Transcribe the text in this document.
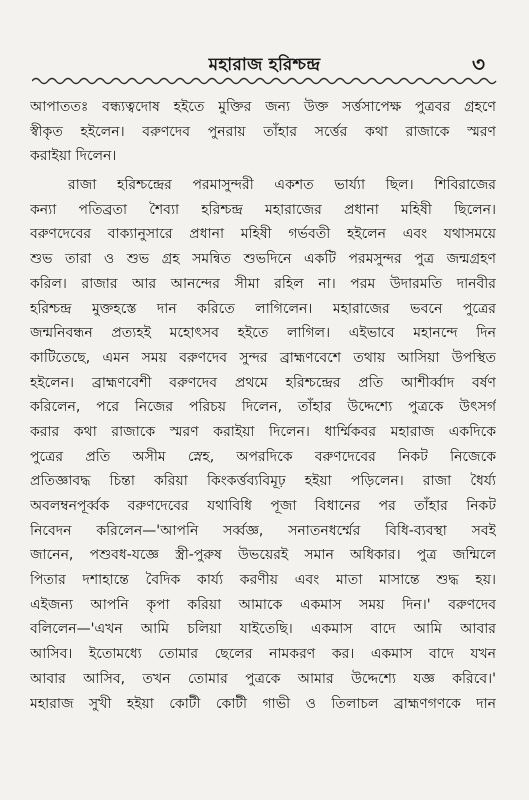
মহারাজ হরিশ্চন্দ্র	৩
আপাততঃ বন্ধ্যত্বদোষ হইতে মুক্তির জন্য উক্ত সর্ত্তসাপেক্ষ পুত্রবর গ্রহণে
স্বীকৃত হইলেন। বরুণদেব পুনরায় তাঁহার সর্ত্তের কথা রাজাকে স্মরণ
করাইয়া দিলেন।
রাজা হরিশ্চন্দ্রের পরমাসুন্দরী একশত ভার্য্যা ছিল। শিবিরাজের
কন্যা পতিব্রতা শৈব্যা হরিশ্চন্দ্র মহারাজের প্রধানা মহিষী ছিলেন।
বরুণদেবের বাক্যানুসারে প্রধানা মহিষী গর্ভবতী হইলেন এবং যথাসময়ে
শুভ তারা ও শুভ গ্রহ সমন্বিত শুভদিনে একটি পরমসুন্দর পুত্র জন্মগ্রহণ
করিল। রাজার আর আনন্দের সীমা রহিল না। পরম উদারমতি দানবীর
হরিশ্চন্দ্র মুক্তহস্তে দান করিতে লাগিলেন। মহারাজের ভবনে পুত্রের
জন্মনিবন্ধন প্রত্যহই মহোৎসব হইতে লাগিল। এইভাবে মহানন্দে দিন
কাটিতেছে, এমন সময় বরুণদেব সুন্দর ব্রাহ্মণবেশে তথায় আসিয়া উপস্থিত
হইলেন। ব্রাহ্মণবেশী বরুণদেব প্রথমে হরিশ্চন্দ্রের প্রতি আশীর্ব্বাদ বর্ষণ
করিলেন, পরে নিজের পরিচয় দিলেন, তাঁহার উদ্দেশ্যে পুত্রকে উৎসর্গ
করার কথা রাজাকে স্মরণ করাইয়া দিলেন। ধার্ম্মিকবর মহারাজ একদিকে
পুত্রের প্রতি অসীম স্নেহ, অপরদিকে বরুণদেবের নিকট নিজেকে
প্রতিজ্ঞাবদ্ধ চিন্তা করিয়া কিংকর্ত্তব্যবিমূঢ় হইয়া পড়িলেন। রাজা ধৈর্য্য
অবলম্বনপূর্ব্বক বরুণদেবের যথাবিধি পূজা বিধানের পর তাঁহার নিকট
নিবেদন করিলেন—'আপনি সর্ব্বজ্ঞ, সনাতনধর্ম্মের বিধি-ব্যবস্থা সবই
জানেন, পশুবধ-যজ্ঞে স্ত্রী-পুরুষ উভয়েরই সমান অধিকার। পুত্র জন্মিলে
পিতার দশাহান্তে বৈদিক কার্য্য করণীয় এবং মাতা মাসান্তে শুদ্ধ হয়।
এইজন্য আপনি কৃপা করিয়া আমাকে একমাস সময় দিন।' বরুণদেব
বলিলেন—'এখন আমি চলিয়া যাইতেছি। একমাস বাদে আমি আবার
আসিব। ইতোমধ্যে তোমার ছেলের নামকরণ কর। একমাস বাদে যখন
আবার আসিব, তখন তোমার পুত্রকে আমার উদ্দেশ্যে যজ্ঞ করিবে।'
মহারাজ সুখী হইয়া কোটী কোটী গাভী ও তিলাচল ব্রাহ্মণগণকে দান
